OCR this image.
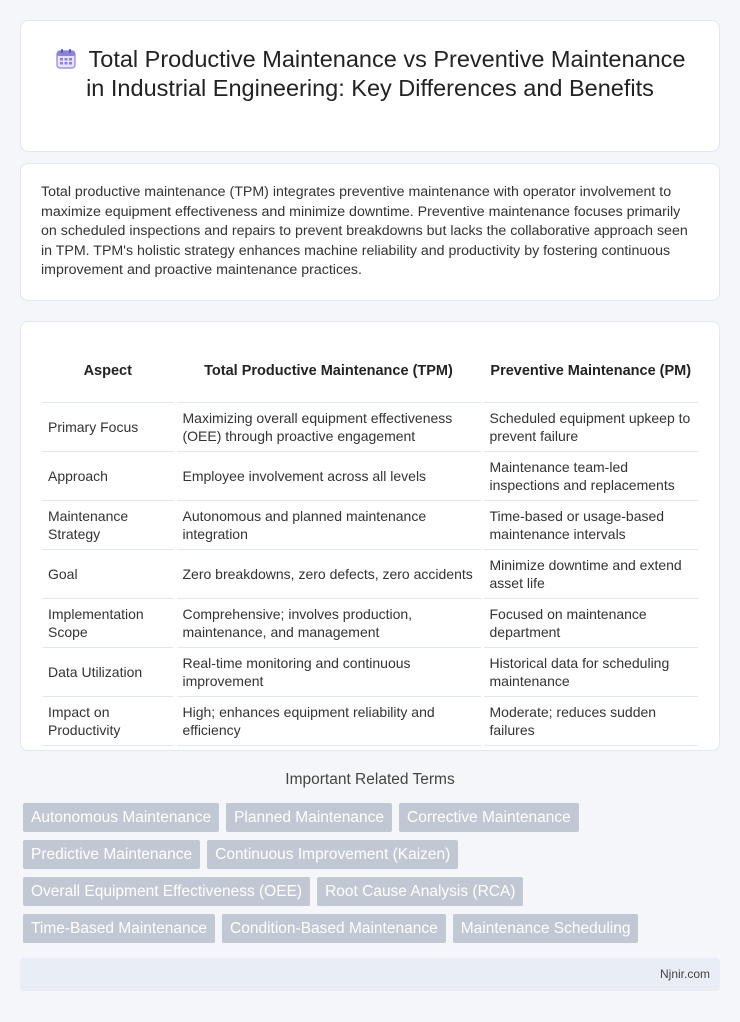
Total Productive Maintenance vs Preventive Maintenance in Industrial Engineering: Key Differences and Benefits

Total productive maintenance (TPM) integrates preventive maintenance with operator involvement to maximize equipment effectiveness and minimize downtime. Preventive maintenance focuses primarily on scheduled inspections and repairs to prevent breakdowns but lacks the collaborative approach seen in TPM. TPM's holistic strategy enhances machine reliability and productivity by fostering continuous improvement and proactive maintenance practices.

Aspect	Total Productive Maintenance (TPM)	Preventive Maintenance (PM)
Primary Focus	Maximizing overall equipment effectiveness (OEE) through proactive engagement	Scheduled equipment upkeep to prevent failure
Approach	Employee involvement across all levels	Maintenance team-led inspections and replacements
Maintenance Strategy	Autonomous and planned maintenance integration	Time-based or usage-based maintenance intervals
Goal	Zero breakdowns, zero defects, zero accidents	Minimize downtime and extend asset life
Implementation Scope	Comprehensive; involves production, maintenance, and management	Focused on maintenance department
Data Utilization	Real-time monitoring and continuous improvement	Historical data for scheduling maintenance
Impact on Productivity	High; enhances equipment reliability and efficiency	Moderate; reduces sudden failures
Important Related Terms
Autonomous Maintenance	Planned Maintenance	Corrective Maintenance
Predictive Maintenance	Continuous Improvement (Kaizen)
Overall Equipment Effectiveness (OEE)	Root Cause Analysis (RCA)
Time-Based Maintenance	Condition-Based Maintenance	Maintenance Scheduling
Njnir.com
